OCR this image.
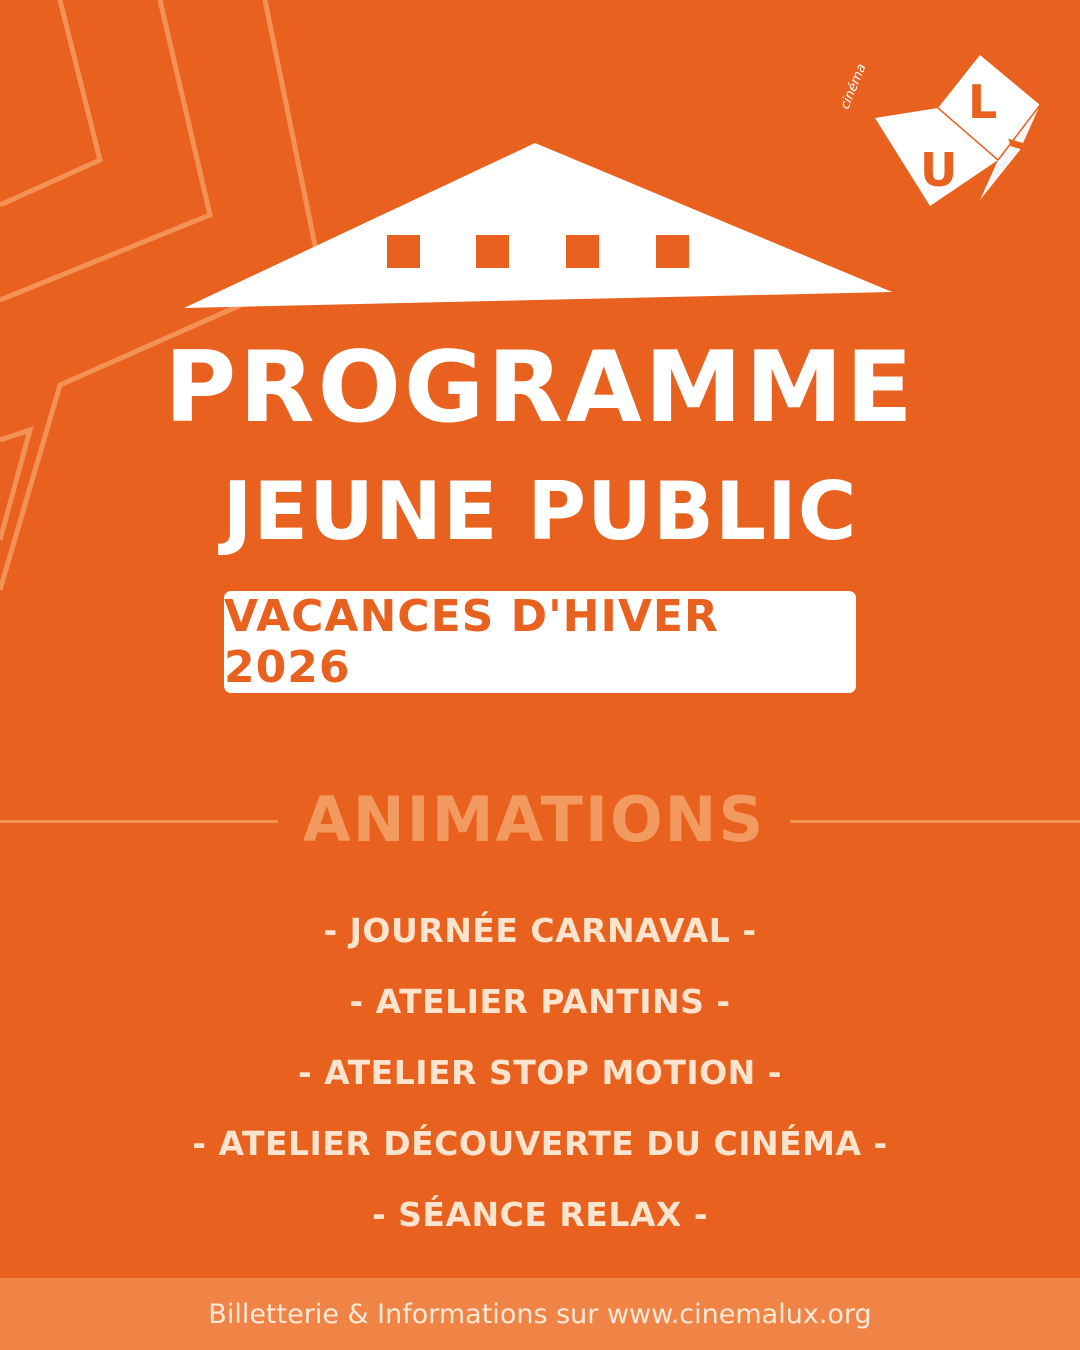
cinéma L
U X
PROGRAMME
JEUNE PUBLIC
VACANCES D'HIVER 2026
ANIMATIONS
- JOURNÉE CARNAVAL -
- ATELIER PANTINS -
- ATELIER STOP MOTION -
- ATELIER DÉCOUVERTE DU CINÉMA -
- SÉANCE RELAX -
Billetterie & Informations sur www.cinemalux.org
